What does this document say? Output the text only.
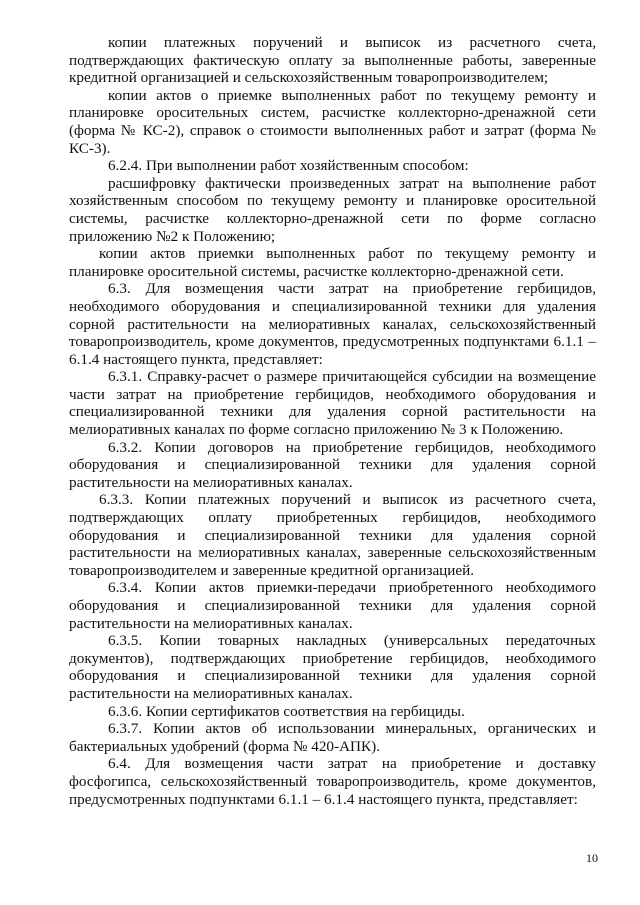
копии платежных поручений и выписок из расчетного счета, подтверждающих фактическую оплату за выполненные работы, заверенные кредитной организацией и сельскохозяйственным товаропроизводителем;

копии актов о приемке выполненных работ по текущему ремонту и планировке оросительных систем, расчистке коллекторно-дренажной сети (форма № КС-2), справок о стоимости выполненных работ и затрат (форма № КС-3).

6.2.4. При выполнении работ хозяйственным способом:

расшифровку фактически произведенных затрат на выполнение работ хозяйственным способом по текущему ремонту и планировке оросительной системы, расчистке коллекторно-дренажной сети по форме согласно приложению №2 к Положению;

копии актов приемки выполненных работ по текущему ремонту и планировке оросительной системы, расчистке коллекторно-дренажной сети.

6.3. Для возмещения части затрат на приобретение гербицидов, необходимого оборудования и специализированной техники для удаления сорной растительности на мелиоративных каналах, сельскохозяйственный товаропроизводитель, кроме документов, предусмотренных подпунктами 6.1.1 – 6.1.4 настоящего пункта, представляет:

6.3.1. Справку-расчет о размере причитающейся субсидии на возмещение части затрат на приобретение гербицидов, необходимого оборудования и специализированной техники для удаления сорной растительности на мелиоративных каналах по форме согласно приложению № 3 к Положению.

6.3.2. Копии договоров на приобретение гербицидов, необходимого оборудования и специализированной техники для удаления сорной растительности на мелиоративных каналах.

6.3.3. Копии платежных поручений и выписок из расчетного счета, подтверждающих оплату приобретенных гербицидов, необходимого оборудования и специализированной техники для удаления сорной растительности на мелиоративных каналах, заверенные сельскохозяйственным товаропроизводителем и заверенные кредитной организацией.

6.3.4. Копии актов приемки-передачи приобретенного необходимого оборудования и специализированной техники для удаления сорной растительности на мелиоративных каналах.

6.3.5. Копии товарных накладных (универсальных передаточных документов), подтверждающих приобретение гербицидов, необходимого оборудования и специализированной техники для удаления сорной растительности на мелиоративных каналах.

6.3.6. Копии сертификатов соответствия на гербициды.

6.3.7. Копии актов об использовании минеральных, органических и бактериальных удобрений (форма № 420-АПК).

6.4. Для возмещения части затрат на приобретение и доставку фосфогипса, сельскохозяйственный товаропроизводитель, кроме документов, предусмотренных подпунктами 6.1.1 – 6.1.4 настоящего пункта, представляет:

10
